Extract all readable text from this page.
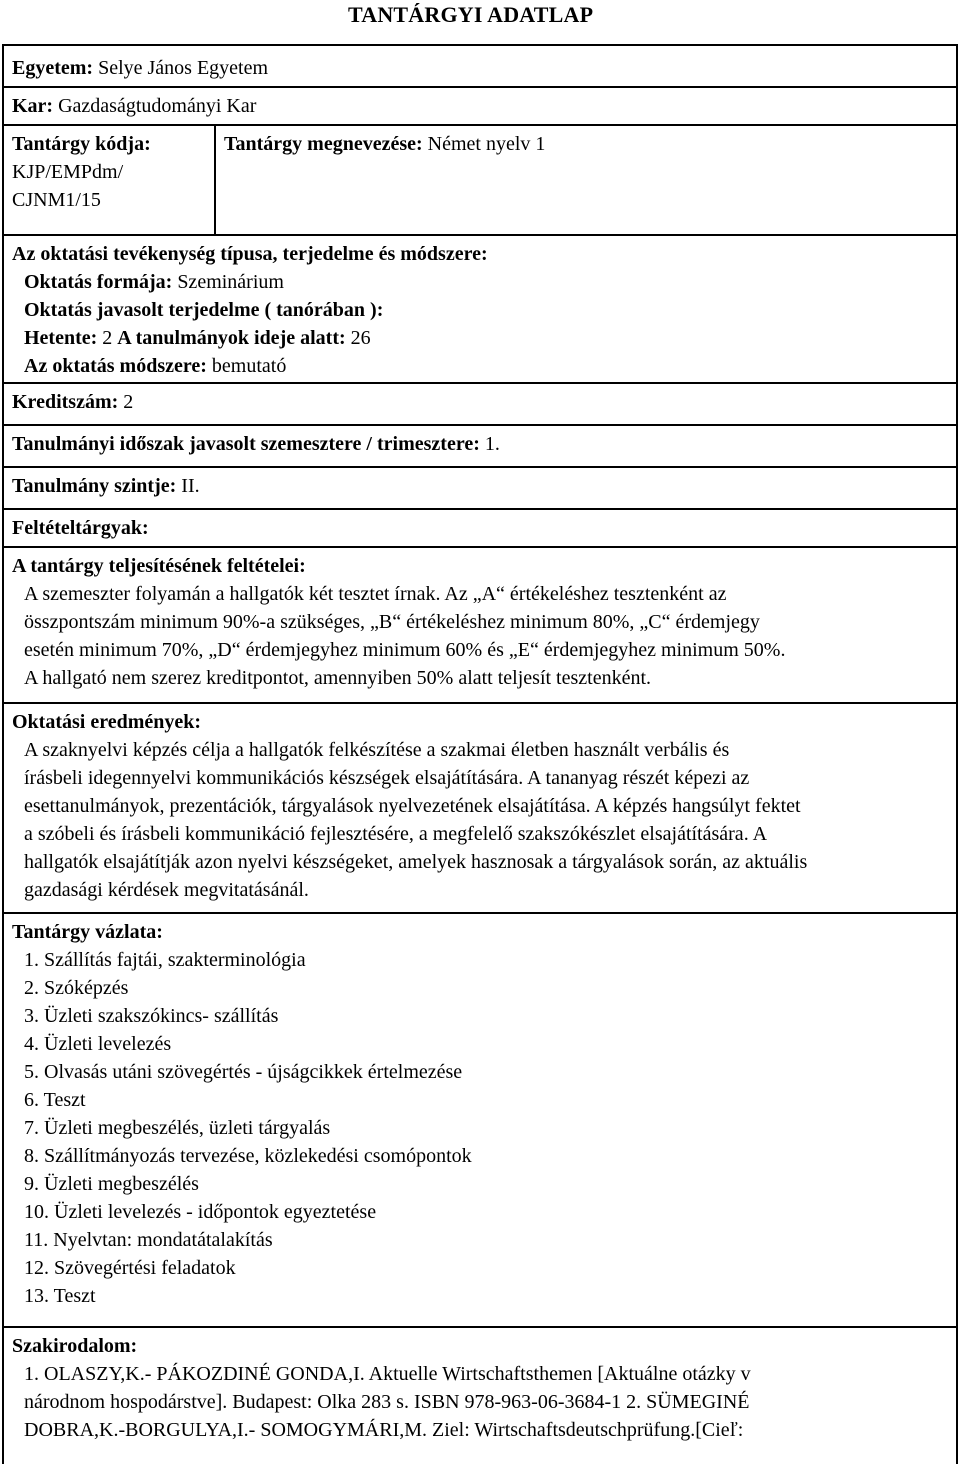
TANTÁRGYI ADATLAP
Egyetem: Selye János Egyetem
Kar: Gazdaságtudományi Kar
Tantárgy kódja:
KJP/EMPdm/
CJNM1/15
Tantárgy megnevezése: Német nyelv 1
Az oktatási tevékenység típusa, terjedelme és módszere:
Oktatás formája: Szeminárium
Oktatás javasolt terjedelme ( tanórában ):
Hetente: 2 A tanulmányok ideje alatt: 26
Az oktatás módszere: bemutató
Kreditszám: 2
Tanulmányi időszak javasolt szemesztere / trimesztere: 1.
Tanulmány szintje: II.
Feltételtárgyak:
A tantárgy teljesítésének feltételei:
A szemeszter folyamán a hallgatók két tesztet írnak. Az „A“ értékeléshez tesztenként az
összpontszám minimum 90%-a szükséges, „B“ értékeléshez minimum 80%, „C“ érdemjegy
esetén minimum 70%, „D“ érdemjegyhez minimum 60% és „E“ érdemjegyhez minimum 50%.
A hallgató nem szerez kreditpontot, amennyiben 50% alatt teljesít tesztenként.
Oktatási eredmények:
A szaknyelvi képzés célja a hallgatók felkészítése a szakmai életben használt verbális és
írásbeli idegennyelvi kommunikációs készségek elsajátítására. A tananyag részét képezi az
esettanulmányok, prezentációk, tárgyalások nyelvezetének elsajátítása. A képzés hangsúlyt fektet
a szóbeli és írásbeli kommunikáció fejlesztésére, a megfelelő szakszókészlet elsajátítására. A
hallgatók elsajátítják azon nyelvi készségeket, amelyek hasznosak a tárgyalások során, az aktuális
gazdasági kérdések megvitatásánál.
Tantárgy vázlata:
1. Szállítás fajtái, szakterminológia
2. Szóképzés
3. Üzleti szakszókincs- szállítás
4. Üzleti levelezés
5. Olvasás utáni szövegértés - újságcikkek értelmezése
6. Teszt
7. Üzleti megbeszélés, üzleti tárgyalás
8. Szállítmányozás tervezése, közlekedési csomópontok
9. Üzleti megbeszélés
10. Üzleti levelezés - időpontok egyeztetése
11. Nyelvtan: mondatátalakítás
12. Szövegértési feladatok
13. Teszt
Szakirodalom:
1. OLASZY,K.- PÁKOZDINÉ GONDA,I. Aktuelle Wirtschaftsthemen [Aktuálne otázky v
národnom hospodárstve]. Budapest: Olka 283 s. ISBN 978-963-06-3684-1 2. SÜMEGINÉ
DOBRA,K.-BORGULYA,I.- SOMOGYMÁRI,M. Ziel: Wirtschaftsdeutschprüfung.[Cieľ:
